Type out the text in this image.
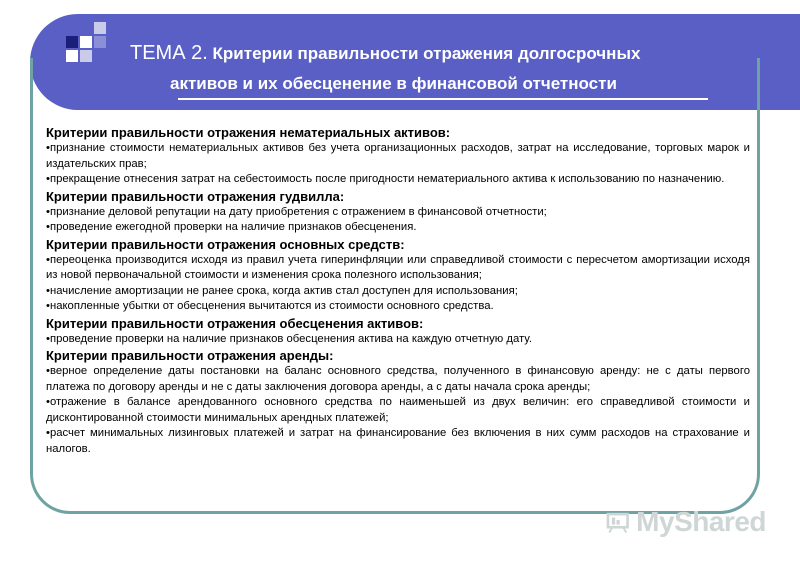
ТЕМА 2. Критерии правильности отражения долгосрочных
активов и их обесценение в финансовой отчетности
Критерии правильности отражения нематериальных активов:

•признание стоимости нематериальных активов без учета организационных расходов, затрат на исследование, торговых марок и издательских прав;

•прекращение отнесения затрат на себестоимость после пригодности нематериального актива к использованию по назначению.

Критерии правильности отражения гудвилла:

•признание деловой репутации на дату приобретения с отражением в финансовой отчетности;

•проведение ежегодной проверки на наличие признаков обесценения.

Критерии правильности отражения основных средств:

•переоценка производится исходя из правил учета гиперинфляции или справедливой стоимости с пересчетом амортизации исходя из новой первоначальной стоимости и изменения срока полезного использования;

•начисление амортизации не ранее срока, когда актив стал доступен для использования;

•накопленные убытки от обесценения вычитаются из стоимости основного средства.

Критерии правильности отражения обесценения активов:

•проведение проверки на наличие признаков обесценения актива на каждую отчетную дату.

Критерии правильности отражения аренды:

•верное определение даты постановки на баланс основного средства, полученного в финансовую аренду: не с даты первого платежа по договору аренды и не с даты заключения договора аренды, а с даты начала срока аренды;

•отражение в балансе арендованного основного средства по наименьшей из двух величин: его справедливой стоимости и дисконтированной стоимости минимальных арендных платежей;

•расчет минимальных лизинговых платежей и затрат на финансирование без включения в них сумм расходов на страхование и налогов.

MyShared
